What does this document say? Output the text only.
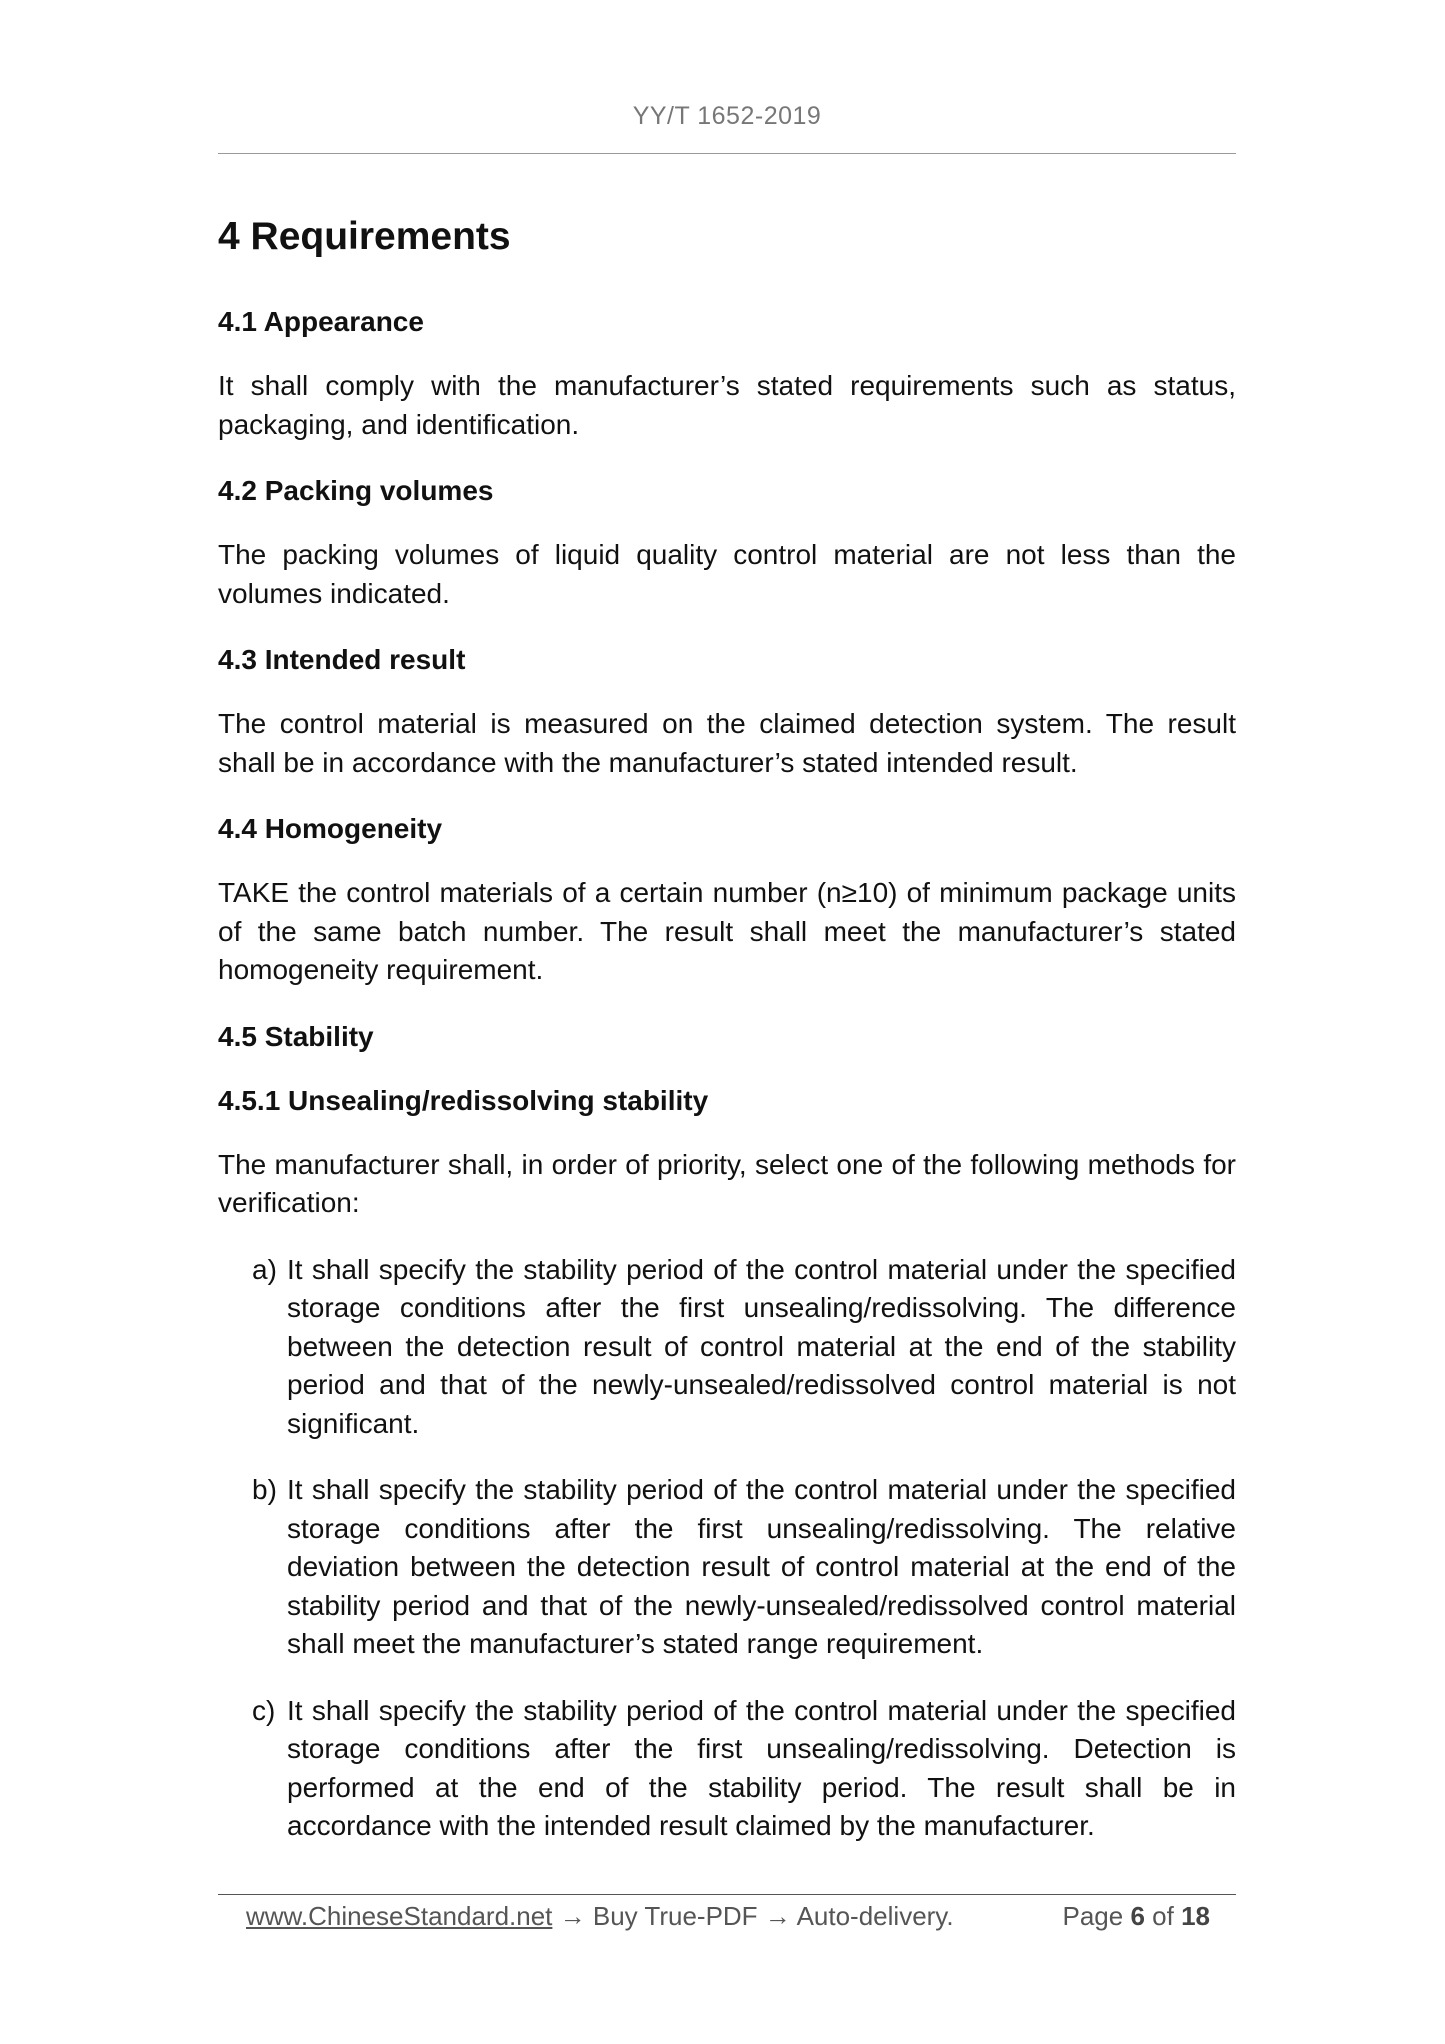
YY/T 1652-2019
4 Requirements
4.1 Appearance

It shall comply with the manufacturer’s stated requirements such as status, packaging, and identification.

4.2 Packing volumes

The packing volumes of liquid quality control material are not less than the volumes indicated.

4.3 Intended result

The control material is measured on the claimed detection system. The result shall be in accordance with the manufacturer’s stated intended result.

4.4 Homogeneity

TAKE the control materials of a certain number (n≥10) of minimum package units of the same batch number. The result shall meet the manufacturer’s stated homogeneity requirement.

4.5 Stability
4.5.1 Unsealing/redissolving stability

The manufacturer shall, in order of priority, select one of the following methods for verification:

a) It shall specify the stability period of the control material under the specified storage conditions after the first unsealing/redissolving. The difference between the detection result of control material at the end of the stability period and that of the newly-unsealed/redissolved control material is not significant.
b) It shall specify the stability period of the control material under the specified storage conditions after the first unsealing/redissolving. The relative deviation between the detection result of control material at the end of the stability period and that of the newly-unsealed/redissolved control material shall meet the manufacturer’s stated range requirement.
c) It shall specify the stability period of the control material under the specified storage conditions after the first unsealing/redissolving. Detection is performed at the end of the stability period. The result shall be in accordance with the intended result claimed by the manufacturer.
www.ChineseStandard.net → Buy True-PDF → Auto-delivery.	Page 6 of 18
